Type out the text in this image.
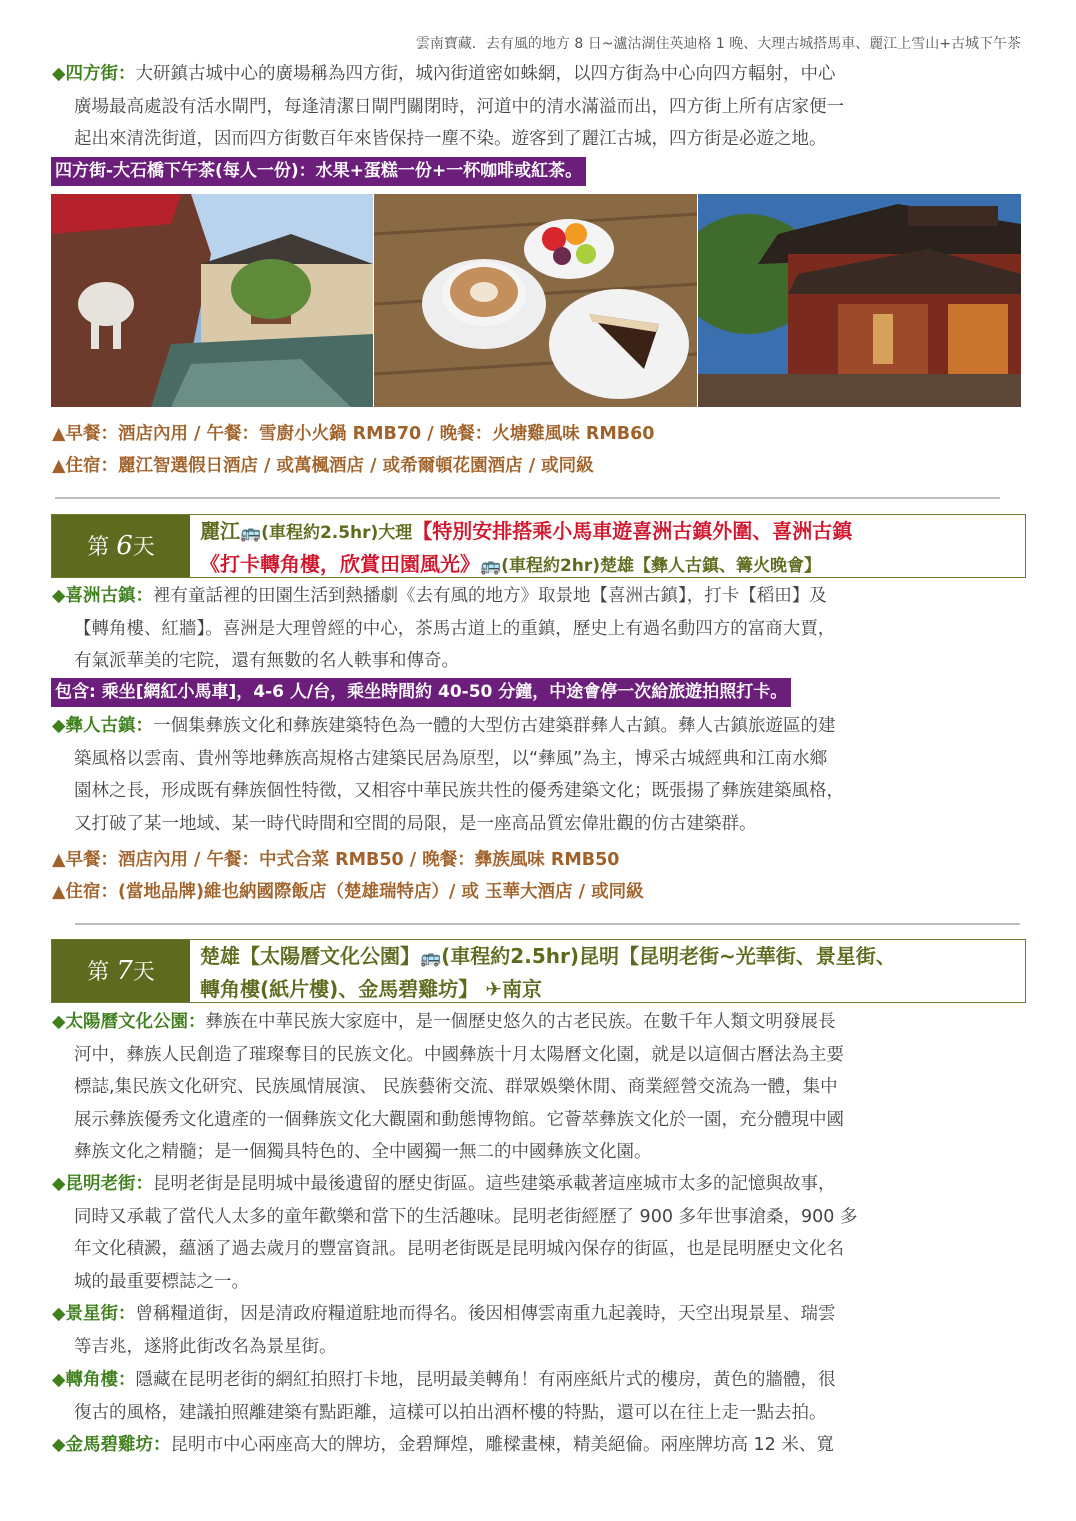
雲南寶藏．去有風的地方 8 日~瀘沽湖住英迪格 1 晚、大理古城搭馬車、麗江上雪山+古城下午茶
◆四方街：大研鎮古城中心的廣場稱為四方街，城內街道密如蛛網，以四方街為中心向四方輻射，中心
廣場最高處設有活水閘門，每逢清潔日閘門關閉時，河道中的清水滿溢而出，四方街上所有店家便一
起出來清洗街道，因而四方街數百年來皆保持一塵不染。遊客到了麗江古城，四方街是必遊之地。
四方街-大石橋下午茶(每人一份)：水果+蛋糕一份+一杯咖啡或紅茶。
▲早餐：酒店內用 / 午餐：雪廚小火鍋 RMB70 / 晚餐：火塘雞風味 RMB60
▲住宿：麗江智選假日酒店 / 或萬楓酒店 / 或希爾頓花園酒店 / 或同級
第 6天
麗江🚌(車程約2.5hr)大理【特別安排搭乘小馬車遊喜洲古鎮外圍、喜洲古鎮
《打卡轉角樓，欣賞田園風光》🚌(車程約2hr)楚雄【彝人古鎮、篝火晚會】
◆喜洲古鎮：裡有童話裡的田園生活到熱播劇《去有風的地方》取景地【喜洲古鎮】，打卡【稻田】及
【轉角樓、紅牆】。喜洲是大理曾經的中心，茶馬古道上的重鎮，歷史上有過名動四方的富商大賈，
有氣派華美的宅院，還有無數的名人軼事和傳奇。
包含: 乘坐[網紅小馬車]，4-6 人/台，乘坐時間約 40-50 分鐘，中途會停一次給旅遊拍照打卡。
◆彝人古鎮：一個集彝族文化和彝族建築特色為一體的大型仿古建築群彝人古鎮。彝人古鎮旅遊區的建
築風格以雲南、貴州等地彝族高規格古建築民居為原型，以“彝風”為主，博采古城經典和江南水鄉
園林之長，形成既有彝族個性特徵，又相容中華民族共性的優秀建築文化；既張揚了彝族建築風格，
又打破了某一地域、某一時代時間和空間的局限，是一座高品質宏偉壯觀的仿古建築群。
▲早餐：酒店內用 / 午餐：中式合菜 RMB50 / 晚餐：彝族風味 RMB50
▲住宿：(當地品牌)維也納國際飯店（楚雄瑞特店）/ 或 玉華大酒店 / 或同級
第 7天
楚雄【太陽曆文化公園】🚌(車程約2.5hr)昆明【昆明老街~光華街、景星街、
轉角樓(紙片樓)、金馬碧雞坊】 ✈南京
◆太陽曆文化公園：彝族在中華民族大家庭中，是一個歷史悠久的古老民族。在數千年人類文明發展長
河中，彝族人民創造了璀璨奪目的民族文化。中國彝族十月太陽曆文化園，就是以這個古曆法為主要
標誌,集民族文化研究、民族風情展演、 民族藝術交流、群眾娛樂休閒、商業經營交流為一體，集中
展示彝族優秀文化遺產的一個彝族文化大觀園和動態博物館。它薈萃彝族文化於一園，充分體現中國
彝族文化之精髓；是一個獨具特色的、全中國獨一無二的中國彝族文化園。
◆昆明老街：昆明老街是昆明城中最後遺留的歷史街區。這些建築承載著這座城市太多的記憶與故事，
同時又承載了當代人太多的童年歡樂和當下的生活趣味。昆明老街經歷了 900 多年世事滄桑，900 多
年文化積澱，蘊涵了過去歲月的豐富資訊。昆明老街既是昆明城內保存的街區，也是昆明歷史文化名
城的最重要標誌之一。
◆景星街：曾稱糧道街，因是清政府糧道駐地而得名。後因相傳雲南重九起義時，天空出現景星、瑞雲
等吉兆，遂將此街改名為景星街。
◆轉角樓：隱藏在昆明老街的網紅拍照打卡地，昆明最美轉角！有兩座紙片式的樓房，黃色的牆體，很
復古的風格，建議拍照離建築有點距離，這樣可以拍出酒杯樓的特點，還可以在往上走一點去拍。
◆金馬碧雞坊：昆明市中心兩座高大的牌坊，金碧輝煌，雕樑畫棟，精美絕倫。兩座牌坊高 12 米、寬
